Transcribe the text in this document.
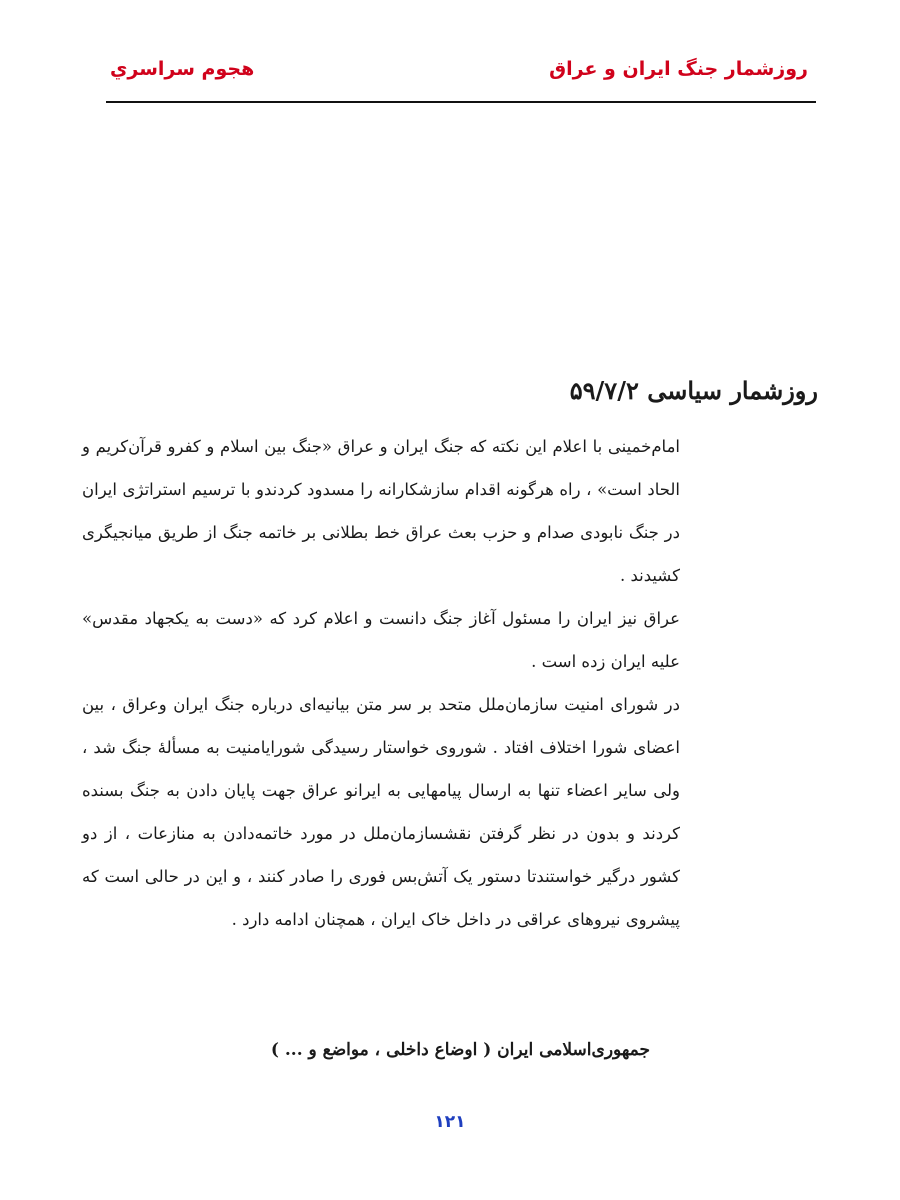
روزشمار جنگ ایران و عراق
هجوم سراسري
روزشمار سیاسی ۵۹/۷/۲

امام‌خمینی با اعلام این نکته که جنگ ایران و عراق «جنگ بین اسلام و کفرو قرآن‌کریم و الحاد است» ، راه هرگونه اقدام سازشکارانه را مسدود کردندو با ترسیم استراتژی ایران در جنگ نابودی صدام و حزب بعث عراق خط بطلانی بر خاتمه جنگ از طریق میانجیگری کشیدند .

عراق نیز ایران را مسئول آغاز جنگ دانست و اعلام کرد که «دست به یکجهاد مقدس» علیه ایران زده است .

در شورای امنیت سازمان‌ملل متحد بر سر متن بیانیه‌ای درباره جنگ ایران وعراق ، بین اعضای شورا اختلاف افتاد . شوروی خواستار رسیدگی شورایامنیت به مسألهٔ جنگ شد ، ولی سایر اعضاء تنها به ارسال پیامهایی به ایرانو عراق جهت پایان دادن به جنگ بسنده کردند و بدون در نظر گرفتن نقشسازمان‌ملل در مورد خاتمه‌دادن به منازعات ، از دو کشور درگیر خواستندتا دستور یک آتش‌بس فوری را صادر کنند ، و این در حالی است که پیشروی نیروهای عراقی در داخل خاک ایران ، همچنان ادامه دارد .

جمهوری‌اسلامی ایران ( اوضاع داخلی ، مواضع و ... )
۱۲۱
